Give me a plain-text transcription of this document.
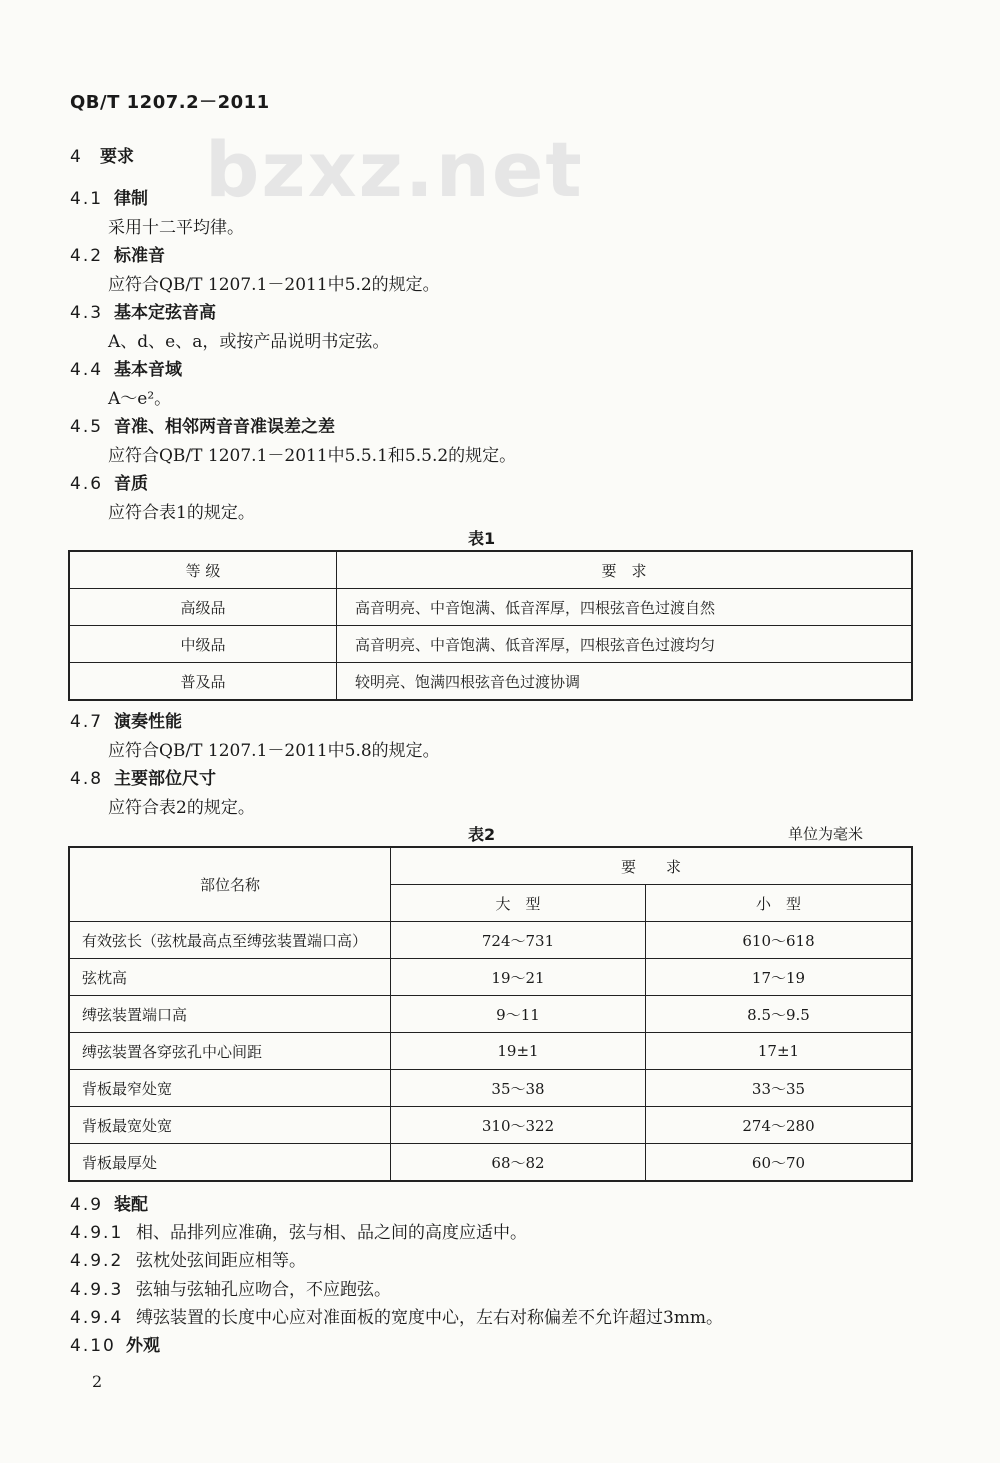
bzxz.net
QB/T 1207.2－2011
4 要求
4.1 律制
采用十二平均律。
4.2 标准音
应符合QB/T 1207.1－2011中5.2的规定。
4.3 基本定弦音高
A、d、e、a，或按产品说明书定弦。
4.4 基本音域
A～e²。
4.5 音准、相邻两音音准误差之差
应符合QB/T 1207.1－2011中5.5.1和5.5.2的规定。
4.6 音质
应符合表1的规定。
表1
等 级	要　求
高级品	高音明亮、中音饱满、低音浑厚，四根弦音色过渡自然
中级品	高音明亮、中音饱满、低音浑厚，四根弦音色过渡均匀
普及品	较明亮、饱满四根弦音色过渡协调
4.7 演奏性能
应符合QB/T 1207.1－2011中5.8的规定。
4.8 主要部位尺寸
应符合表2的规定。
表2	单位为毫米
部位名称	要　　求	
	大　型	小　型
有效弦长（弦枕最高点至缚弦装置端口高）	724～731	610～618
弦枕高	19～21	17～19
缚弦装置端口高	9～11	8.5～9.5
缚弦装置各穿弦孔中心间距	19±1	17±1
背板最窄处宽	35～38	33～35
背板最宽处宽	310～322	274～280
背板最厚处	68～82	60～70
4.9 装配
4.9.1 相、品排列应准确，弦与相、品之间的高度应适中。
4.9.2 弦枕处弦间距应相等。
4.9.3 弦轴与弦轴孔应吻合，不应跑弦。
4.9.4 缚弦装置的长度中心应对准面板的宽度中心，左右对称偏差不允许超过3mm。
4.10 外观
2
